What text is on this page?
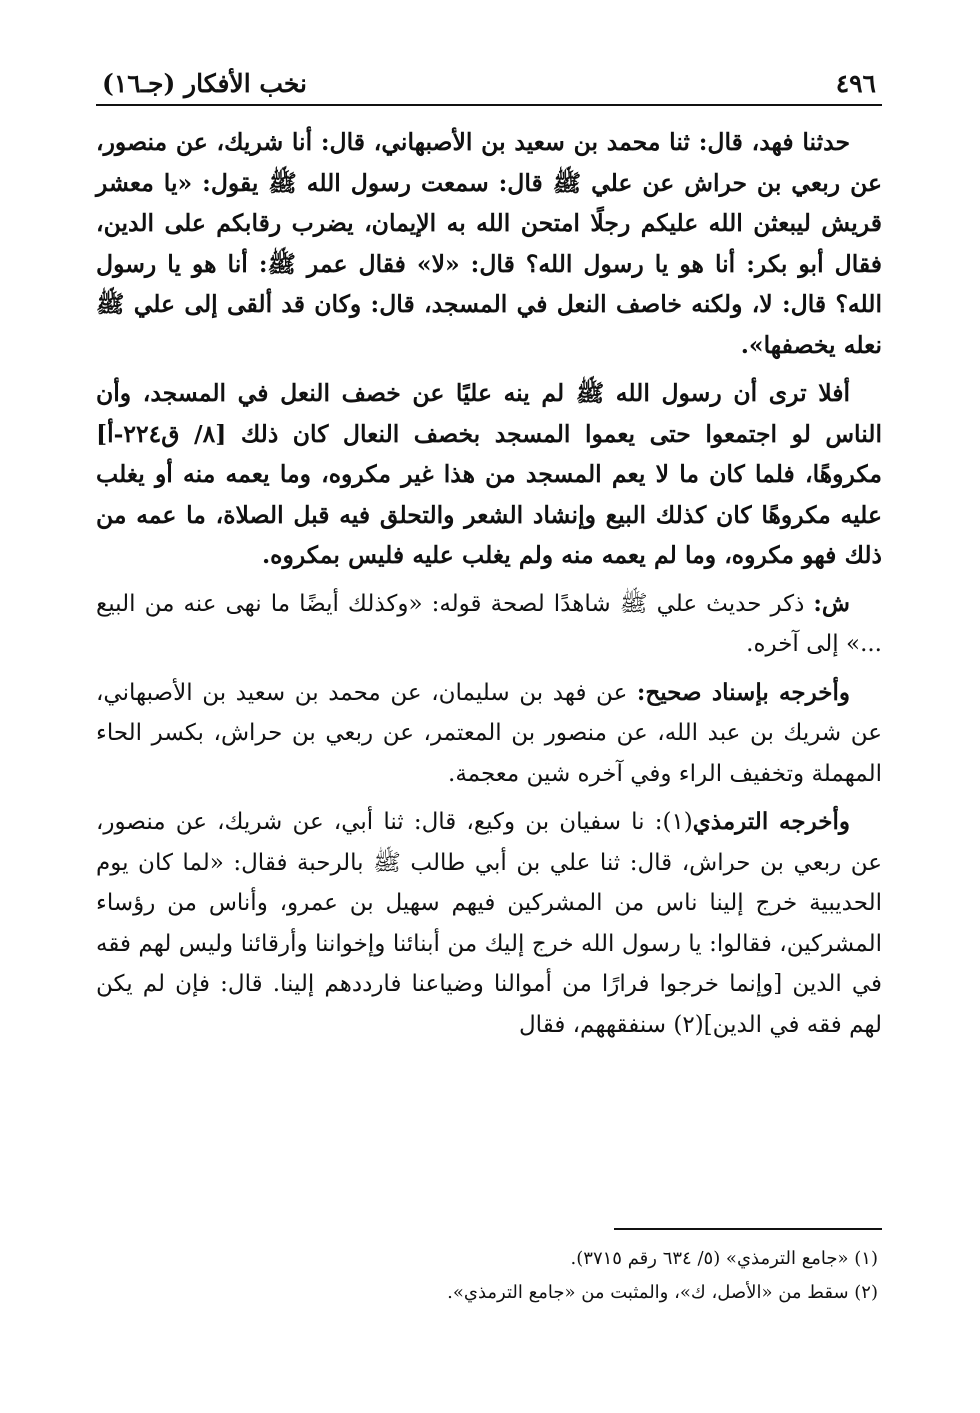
٤٩٦
نخب الأفكار (جـ١٦)

حدثنا فهد، قال: ثنا محمد بن سعيد بن الأصبهاني، قال: أنا شريك، عن منصور، عن ربعي بن حراش عن علي ﷺ قال: سمعت رسول الله ﷺ يقول: «يا معشر قريش ليبعثن الله عليكم رجلًا امتحن الله به الإيمان، يضرب رقابكم على الدين، فقال أبو بكر: أنا هو يا رسول الله؟ قال: «لا» فقال عمر ﷺ: أنا هو يا رسول الله؟ قال: لا، ولكنه خاصف النعل في المسجد، قال: وكان قد ألقى إلى علي ﷺ نعله يخصفها».

أفلا ترى أن رسول الله ﷺ لم ينه عليًا عن خصف النعل في المسجد، وأن الناس لو اجتمعوا حتى يعموا المسجد بخصف النعال كان ذلك [٨/ ق٢٢٤-أ] مكروهًا، فلما كان ما لا يعم المسجد من هذا غير مكروه، وما يعمه منه أو يغلب عليه مكروهًا كان كذلك البيع وإنشاد الشعر والتحلق فيه قبل الصلاة، ما عمه من ذلك فهو مكروه، وما لم يعمه منه ولم يغلب عليه فليس بمكروه.

ش: ذكر حديث علي ﷺ شاهدًا لصحة قوله: «وكذلك أيضًا ما نهى عنه من البيع ...» إلى آخره.

وأخرجه بإسناد صحيح: عن فهد بن سليمان، عن محمد بن سعيد بن الأصبهاني، عن شريك بن عبد الله، عن منصور بن المعتمر، عن ربعي بن حراش، بكسر الحاء المهملة وتخفيف الراء وفي آخره شين معجمة.

وأخرجه الترمذي(١): نا سفيان بن وكيع، قال: ثنا أبي، عن شريك، عن منصور، عن ربعي بن حراش، قال: ثنا علي بن أبي طالب ﷺ بالرحبة فقال: «لما كان يوم الحديبية خرج إلينا ناس من المشركين فيهم سهيل بن عمرو، وأناس من رؤساء المشركين، فقالوا: يا رسول الله خرج إليك من أبنائنا وإخواننا وأرقائنا وليس لهم فقه في الدين [وإنما خرجوا فرارًا من أموالنا وضياعنا فارددهم إلينا. قال: فإن لم يكن لهم فقه في الدين](٢) سنفقههم، فقال

(١) «جامع الترمذي» (٥/ ٦٣٤ رقم ٣٧١٥).

(٢) سقط من «الأصل، ك»، والمثبت من «جامع الترمذي».
